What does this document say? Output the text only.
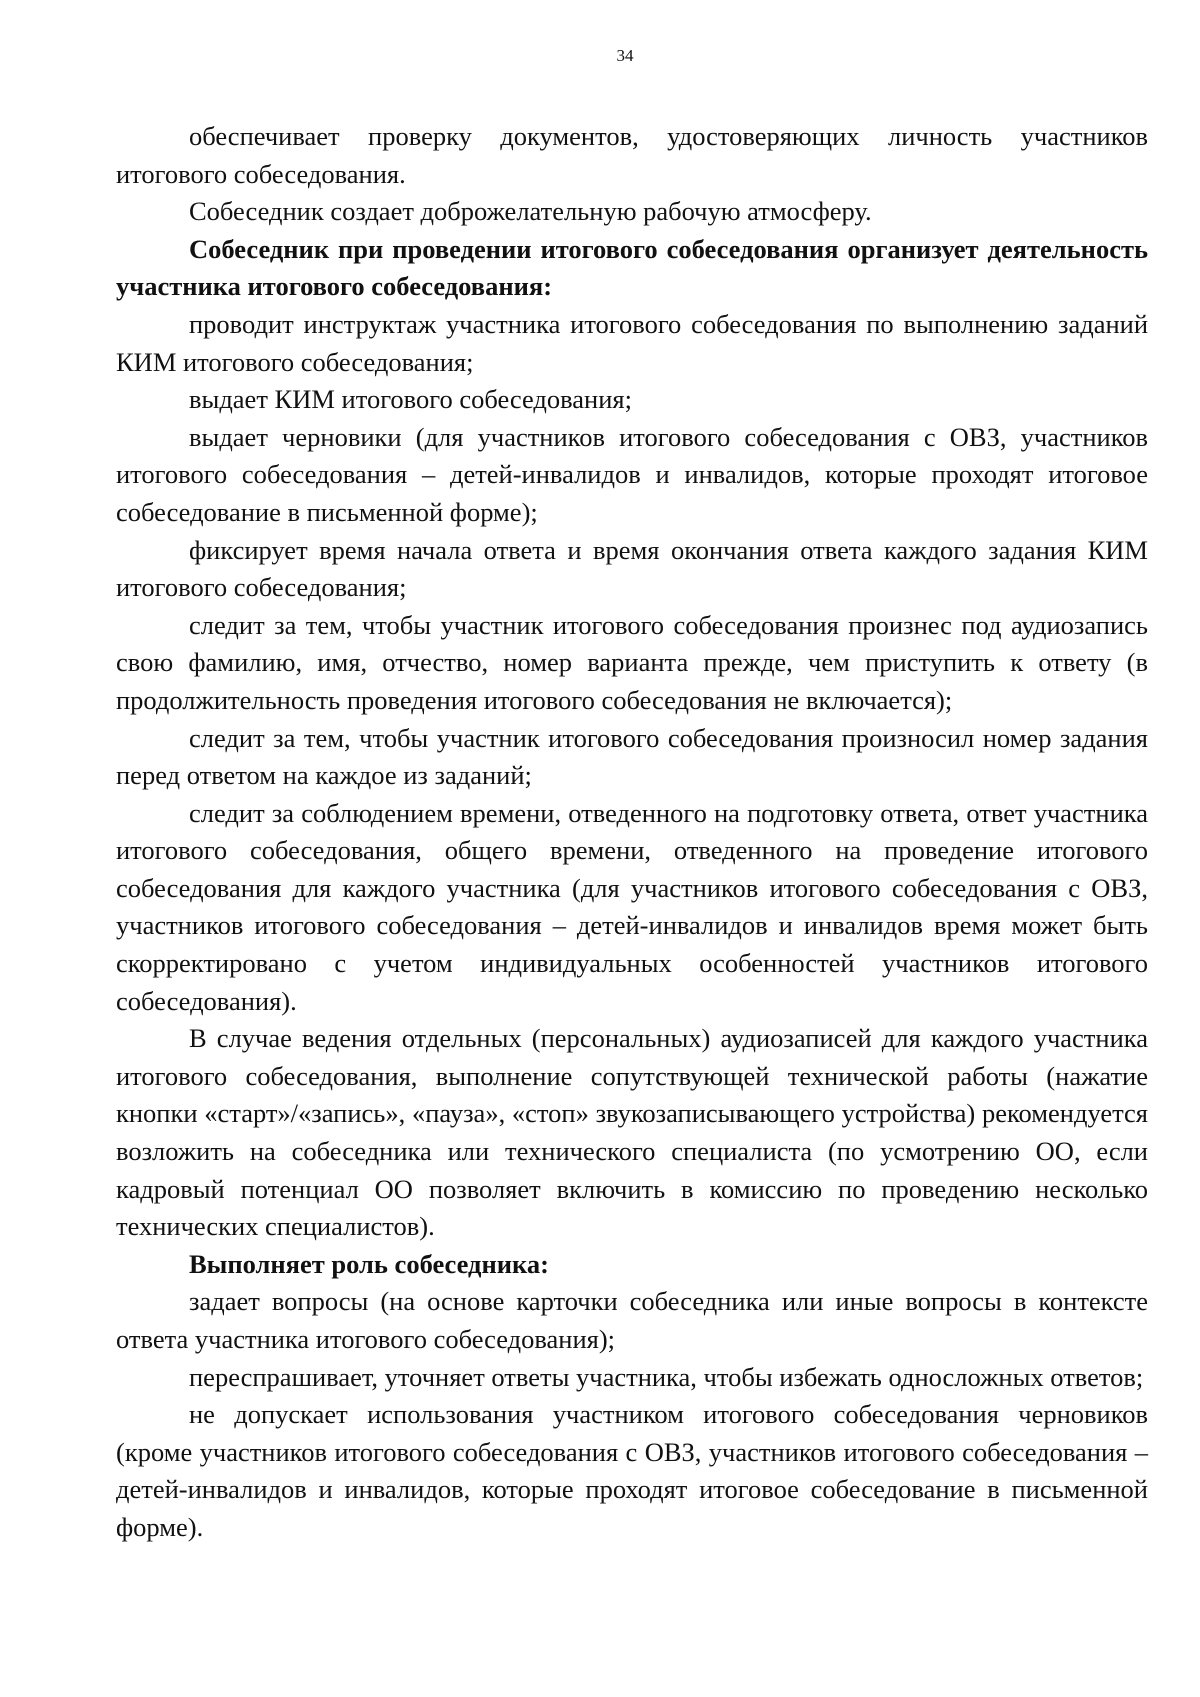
34

обеспечивает проверку документов, удостоверяющих личность участников итогового собеседования.

Собеседник создает доброжелательную рабочую атмосферу.

Собеседник при проведении итогового собеседования организует деятельность участника итогового собеседования:

проводит инструктаж участника итогового собеседования по выполнению заданий КИМ итогового собеседования;

выдает КИМ итогового собеседования;

выдает черновики (для участников итогового собеседования с ОВЗ, участников итогового собеседования – детей-инвалидов и инвалидов, которые проходят итоговое собеседование в письменной форме);

фиксирует время начала ответа и время окончания ответа каждого задания КИМ итогового собеседования;

следит за тем, чтобы участник итогового собеседования произнес под аудиозапись свою фамилию, имя, отчество, номер варианта прежде, чем приступить к ответу (в продолжительность проведения итогового собеседования не включается);

следит за тем, чтобы участник итогового собеседования произносил номер задания перед ответом на каждое из заданий;

следит за соблюдением времени, отведенного на подготовку ответа, ответ участника итогового собеседования, общего времени, отведенного на проведение итогового собеседования для каждого участника (для участников итогового собеседования с ОВЗ, участников итогового собеседования – детей-инвалидов и инвалидов время может быть скорректировано с учетом индивидуальных особенностей участников итогового собеседования).

В случае ведения отдельных (персональных) аудиозаписей для каждого участника итогового собеседования, выполнение сопутствующей технической работы (нажатие кнопки «старт»/«запись», «пауза», «стоп» звукозаписывающего устройства) рекомендуется возложить на собеседника или технического специалиста (по усмотрению ОО, если кадровый потенциал ОО позволяет включить в комиссию по проведению несколько технических специалистов).

Выполняет роль собеседника:

задает вопросы (на основе карточки собеседника или иные вопросы в контексте ответа участника итогового собеседования);

переспрашивает, уточняет ответы участника, чтобы избежать односложных ответов;

не допускает использования участником итогового собеседования черновиков (кроме участников итогового собеседования с ОВЗ, участников итогового собеседования – детей-инвалидов и инвалидов, которые проходят итоговое собеседование в письменной форме).
